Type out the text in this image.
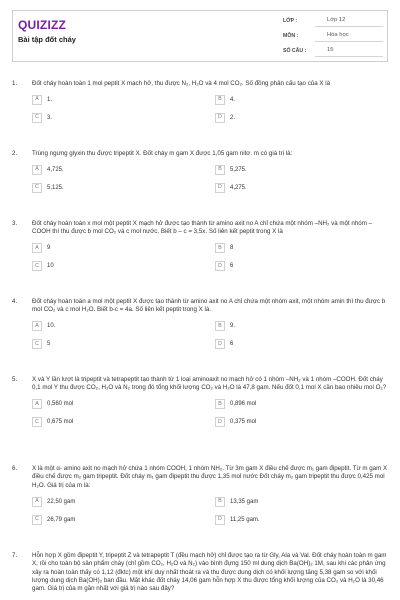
QUIZIZZ
Bài tập đốt cháy
LỚP :	Lớp 12
MÔN :	Hóa học
SỐ CÂU :	15
1.	Đốt cháy hoàn toàn 1 mol peptit X mạch hở, thu được N₂, H₂O và 4 mol CO₂. Số đồng phân cấu tạo của X là
A	1.	B	4.
C	3.	D	2.
2.	Trùng ngưng glyxin thu được tripeptit X. Đốt cháy m gam X được 1,05 gam nitơ. m có giá trị là:
A	4,725.	B	5,275.
C	5,125.	D	4,275.
3.	Đốt cháy hoàn toàn x mol một peptit X mạch hở được tạo thành từ amino axit no A chỉ chứa một nhóm –NH₂ và một nhóm –COOH thì thu được b mol CO₂ và c mol nước. Biết b – c = 3,5x. Số liên kết peptit trong X là
A	9	B	8
C	10	D	6
4.	Đốt cháy hoàn toàn a mol một peptit X được tạo thành từ amino axit no A chỉ chứa một nhóm axit, một nhóm amin thì thu được b mol CO₂ và c mol H₂O. Biết b-c = 4a. Số liên kết peptit trong X là.
A	10.	B	9.
C	5	D	6
5.	X và Y lần lượt là tripeptit và tetrapeptit tạo thành từ 1 loại aminoaxit no mạch hở có 1 nhóm –NH₂ và 1 nhóm –COOH. Đốt cháy 0,1 mol Y thu được CO₂, H₂O và N₂ trong đó tổng khối lượng CO₂ và H₂O là 47,8 gam. Nếu đốt 0,1 mol X cần bao nhiêu mol O₂?
A	0,560 mol	B	0,896 mol
C	0,675 mol	D	0,375 mol
6.	X là một α- amino axit no mạch hở chứa 1 nhóm COOH, 1 nhóm NH₂. Từ 3m gam X điều chế được m₁ gam đipeptit. Từ m gam X điều chế được m₂ gam tripeptit. Đốt cháy m₁ gam đipeptit thu được 1,35 mol nước Đốt cháy m₂ gam tripeptit thu được 0,425 mol H₂O. Giá trị của m là:
A	22,50 gam	B	13,35 gam
C	26,79 gam	D	11,25 gam.
7.	Hỗn hợp X gồm đipeptit Y, tripeptit Z và tetrapeptit T (đều mạch hở) chỉ được tạo ra từ Gly, Ala và Val. Đốt cháy hoàn toàn m gam X, rồi cho toàn bộ sản phẩm cháy (chỉ gồm CO₂, H₂O và N₂) vào bình đựng 150 ml dung dịch Ba(OH)₂ 1M, sau khi các phản ứng xảy ra hoàn toàn thấy có 1,12 (đktc) một khí duy nhất thoát ra và thu được dung dịch có khối lượng tăng 5,38 gam so với khối lượng dung dịch Ba(OH)₂ ban đầu. Mặt khác đốt cháy 14,06 gam hỗn hợp X thu được tổng khối lượng của CO₂ và H₂O là 30,46 gam. Giá trị của m gần nhất với giá trị nào sau đây?
